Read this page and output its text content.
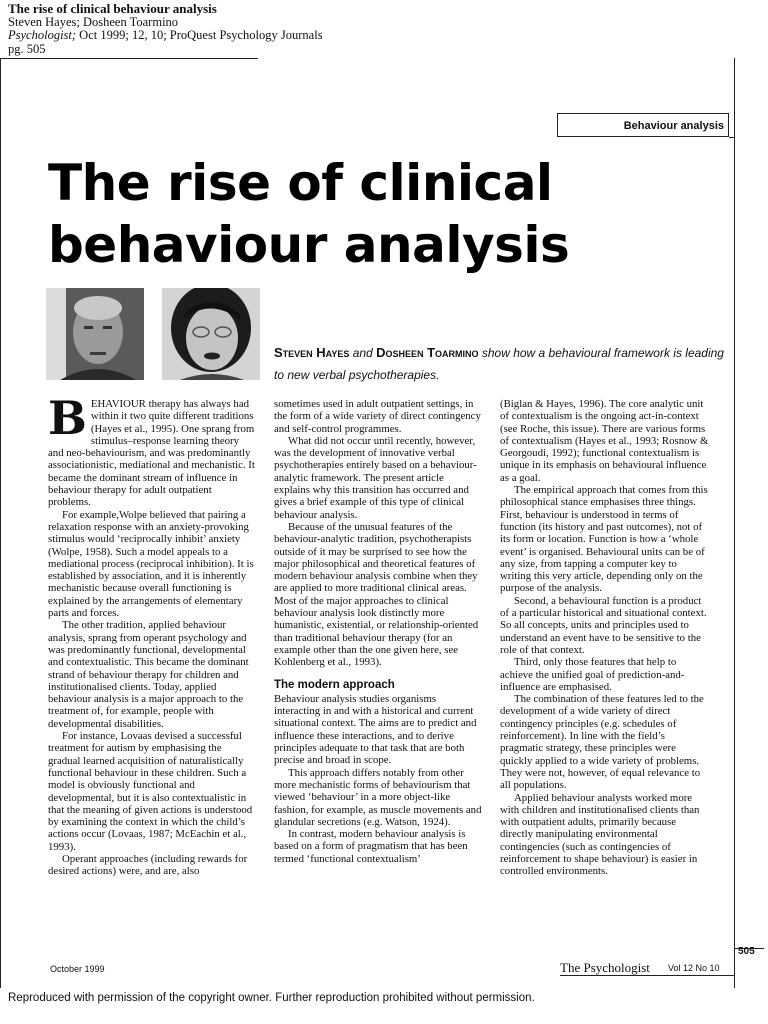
The rise of clinical behaviour analysis
Steven Hayes; Dosheen Toarmino
Psychologist; Oct 1999; 12, 10; ProQuest Psychology Journals
pg. 505
Behaviour analysis
The rise of clinical
behaviour analysis
Steven Hayes and Dosheen Toarmino show how a behavioural framework is leading to new verbal psychotherapies.

BEHAVIOUR therapy has always had within it two quite different traditions (Hayes et al., 1995). One sprang from stimulus–response learning theory and neo-behaviourism, and was predominantly associationistic, mediational and mechanistic. It became the dominant stream of influence in behaviour therapy for adult outpatient problems.

For example,Wolpe believed that pairing a relaxation response with an anxiety-provoking stimulus would ‘reciprocally inhibit’ anxiety (Wolpe, 1958). Such a model appeals to a mediational process (reciprocal inhibition). It is established by association, and it is inherently mechanistic because overall functioning is explained by the arrangements of elementary parts and forces.

The other tradition, applied behaviour analysis, sprang from operant psychology and was predominantly functional, developmental and contextualistic. This became the dominant strand of behaviour therapy for children and institutionalised clients. Today, applied behaviour analysis is a major approach to the treatment of, for example, people with developmental disabilities.

For instance, Lovaas devised a successful treatment for autism by emphasising the gradual learned acquisition of naturalistically functional behaviour in these children. Such a model is obviously functional and developmental, but it is also contextualistic in that the meaning of given actions is understood by examining the context in which the child’s actions occur (Lovaas, 1987; McEachin et al., 1993).

Operant approaches (including rewards for desired actions) were, and are, also

sometimes used in adult outpatient settings, in the form of a wide variety of direct contingency and self-control programmes.

What did not occur until recently, however, was the development of innovative verbal psychotherapies entirely based on a behaviour-analytic framework. The present article explains why this transition has occurred and gives a brief example of this type of clinical behaviour analysis.

Because of the unusual features of the behaviour-analytic tradition, psychotherapists outside of it may be surprised to see how the major philosophical and theoretical features of modern behaviour analysis combine when they are applied to more traditional clinical areas. Most of the major approaches to clinical behaviour analysis look distinctly more humanistic, existential, or relationship-oriented than traditional behaviour therapy (for an example other than the one given here, see Kohlenberg et al., 1993).

The modern approach

Behaviour analysis studies organisms interacting in and with a historical and current situational context. The aims are to predict and influence these interactions, and to derive principles adequate to that task that are both precise and broad in scope.

This approach differs notably from other more mechanistic forms of behaviourism that viewed ‘behaviour’ in a more object-like fashion, for example, as muscle movements and glandular secretions (e.g. Watson, 1924).

In contrast, modern behaviour analysis is based on a form of pragmatism that has been termed ‘functional contextualism’

(Biglan & Hayes, 1996). The core analytic unit of contextualism is the ongoing act-in-context (see Roche, this issue). There are various forms of contextualism (Hayes et al., 1993; Rosnow & Georgoudi, 1992); functional contextualism is unique in its emphasis on behavioural influence as a goal.

The empirical approach that comes from this philosophical stance emphasises three things. First, behaviour is understood in terms of function (its history and past outcomes), not of its form or location. Function is how a ‘whole event’ is organised. Behavioural units can be of any size, from tapping a computer key to writing this very article, depending only on the purpose of the analysis.

Second, a behavioural function is a product of a particular historical and situational context. So all concepts, units and principles used to understand an event have to be sensitive to the role of that context.

Third, only those features that help to achieve the unified goal of prediction-and-influence are emphasised.

The combination of these features led to the development of a wide variety of direct contingency principles (e.g. schedules of reinforcement). In line with the field’s pragmatic strategy, these principles were quickly applied to a wide variety of problems. They were not, however, of equal relevance to all populations.

Applied behaviour analysts worked more with children and institutionalised clients than with outpatient adults, primarily because directly manipulating environmental contingencies (such as contingencies of reinforcement to shape behaviour) is easier in controlled environments.

505
October 1999	The Psychologist Vol 12 No 10
Reproduced with permission of the copyright owner. Further reproduction prohibited without permission.
